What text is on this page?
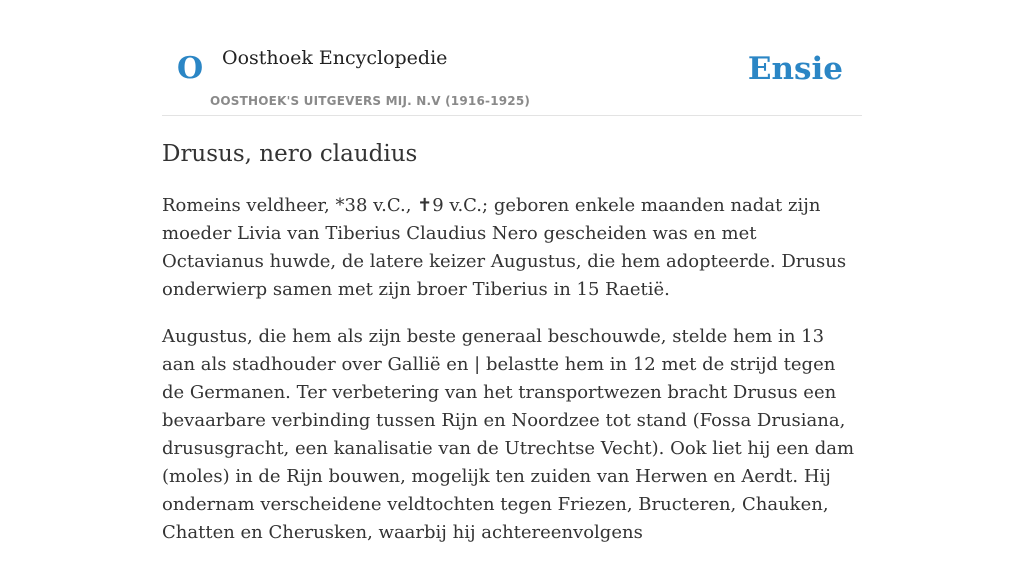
O Oosthoek Encyclopedie
OOSTHOEK'S UITGEVERS MIJ. N.V (1916-1925)
Ensie
Drusus, nero claudius

Romeins veldheer, *38 v.C., ✝9 v.C.; geboren enkele maanden nadat zijn moeder Livia van Tiberius Claudius Nero gescheiden was en met Octavianus huwde, de latere keizer Augustus, die hem adopteerde. Drusus onderwierp samen met zijn broer Tiberius in 15 Raetië.

Augustus, die hem als zijn beste generaal beschouwde, stelde hem in 13 aan als stadhouder over Gallië en | belastte hem in 12 met de strijd tegen de Germanen. Ter verbetering van het transportwezen bracht Drusus een bevaarbare verbinding tussen Rijn en Noordzee tot stand (Fossa Drusiana, drususgracht, een kanalisatie van de Utrechtse Vecht). Ook liet hij een dam (moles) in de Rijn bouwen, mogelijk ten zuiden van Herwen en Aerdt. Hij ondernam verscheidene veldtochten tegen Friezen, Bructeren, Chauken, Chatten en Cherusken, waarbij hij achtereenvolgens
